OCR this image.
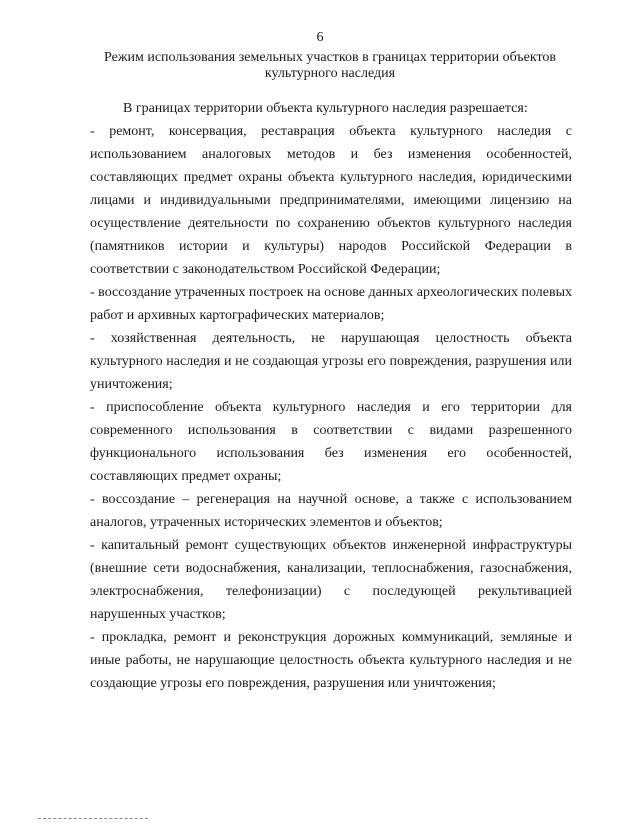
6
Режим использования земельных участков в границах территории объектов культурного наследия

В границах территории объекта культурного наследия разрешается:

- ремонт, консервация, реставрация объекта культурного наследия с использованием аналоговых методов и без изменения особенностей, составляющих предмет охраны объекта культурного наследия, юридическими лицами и индивидуальными предпринимателями, имеющими лицензию на осуществление деятельности по сохранению объектов культурного наследия (памятников истории и культуры) народов Российской Федерации в соответствии с законодательством Российской Федерации;

- воссоздание утраченных построек на основе данных археологических полевых работ и архивных картографических материалов;

- хозяйственная деятельность, не нарушающая целостность объекта культурного наследия и не создающая угрозы его повреждения, разрушения или уничтожения;

- приспособление объекта культурного наследия и его территории для современного использования в соответствии с видами разрешенного функционального использования без изменения его особенностей, составляющих предмет охраны;

- воссоздание – регенерация на научной основе, а также с использованием аналогов, утраченных исторических элементов и объектов;

- капитальный ремонт существующих объектов инженерной инфраструктуры (внешние сети водоснабжения, канализации, теплоснабжения, газоснабжения, электроснабжения, телефонизации) с последующей рекультивацией нарушенных участков;

- прокладка, ремонт и реконструкция дорожных коммуникаций, земляные и иные работы, не нарушающие целостность объекта культурного наследия и не создающие угрозы его повреждения, разрушения или уничтожения;
